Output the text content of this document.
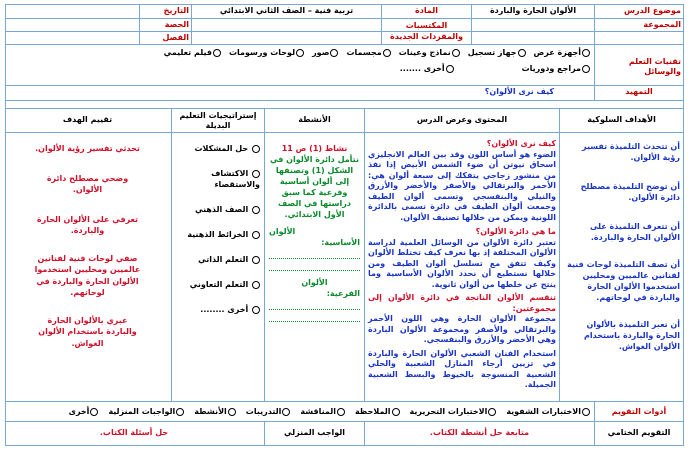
موضوع الدرس
الألوان الحارة والباردة
المادة
تربية فنية – الصف الثاني الابتدائي
التاريخ
المجموعة
المكتسبات والمفردات الجديدة
الحصة
الفصل
تقنيات التعلم والوسائل
أجهزة عرض
جهاز تسجيل
نماذج وعينات
مجسمات
صور
لوحات ورسومات
فيلم تعليمي
مراجع ودوريات
أخرى .......
التمهيد
كيف نرى الألوان؟
الأهداف السلوكية
المحتوى وعرض الدرس
الأنشطة
إستراتيجيات التعليم البديلة
تقييم الهدف
أن تتحدث التلميذة تفسير رؤية الألوان.
أن توضح التلميذة مصطلح دائرة الألوان.
أن تتعرف التلميذة على الألوان الحارة والباردة.
أن تصف التلميذة لوحات فنية لفنانين عالميين ومحليين استخدموا الألوان الحارة والباردة في لوحاتهم.
أن تعبر التلميذة بالألوان الحارة والباردة باستخدام الألوان الغواش.
كيف نرى الألوان؟
الضوء هو أساس اللون وقد بين العالم الانجليزي اسحاق نيوتن أن ضوء الشمس الأبيض إذا نفذ من منشور زجاجي يتفكك إلى سبعة ألوان هي: الأحمر والبرتقالي والأصفر والأخضر والأزرق والنيلي والبنفسجي وتسمى ألوان الطيف وجمعت ألوان الطيف في دائرة تسمى بالدائرة اللونية ويمكن من خلالها تصنيف الألوان.
ما هي دائرة الألوان؟
تعتبر دائرة الألوان من الوسائل العلمية لدراسة الألوان المختلفة إذ بها نعرف كيف تختلط الألوان وكيف تتفق مع تسلسل ألوان الطيف ومن خلالها نستطيع أن نحدد الألوان الأساسية وما ينتج عن خلطها من ألوان ثانوية.
تنقسم الألوان الناتجة في دائرة الألوان إلى مجموعتين:
مجموعة الألوان الحارة وهي اللون الأحمر والبرتقالي والأصفر ومجموعة الألوان الباردة وهي الأخضر والأزرق والبنفسجي.
استخدام الفنان الشعبي الألوان الحارة والباردة في تزيين أرجاء المنازل الشعبية والحلي الشعبية المنسوجة بالخيوط والبسط الشعبية الجميلة.
نشاط (1) ص 11
نتأمل دائرة الألوان في الشكل (1) وتصنفها إلى ألوان أساسية وفرعية كما سبق دراستها في الصف الأول الابتدائي.
الألوان
الأساسية:
الألوان
الفرعية:
حل المشكلات
الاكتشاف والاستقصاء
الصف الذهني
الخرائط الذهنية
التعلم الذاتي
التعلم التعاوني
أخرى ........
تحدثي تفسير رؤية الألوان.
وضحي مصطلح دائرة الألوان.
تعرفي على الألوان الحارة والباردة.
صفي لوحات فنية لفنانين عالميين ومحليين استخدموا الألوان الحارة والباردة في لوحاتهم.
عبري بالألوان الحارة والباردة باستخدام الألوان الغواش.
أدوات التقويم
الاختبارات الشفوية
الاختبارات التحريرية
الملاحظة
المناقشة
التدريبات
الأنشطة
الواجبات المنزلية
أخرى
التقويم الختامي
متابعة حل أنشطة الكتاب.
الواجب المنزلي
حل أسئلة الكتاب.
